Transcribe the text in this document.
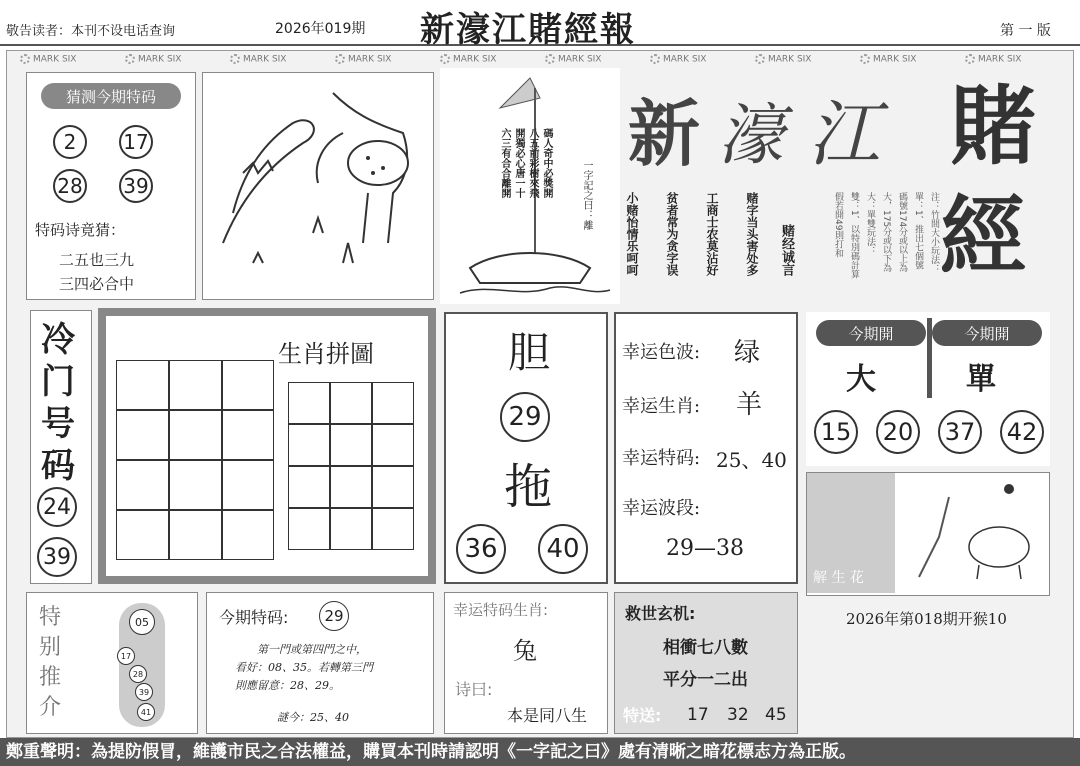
敬告读者：本刊不设电话查询	2026年019期 新濠江賭經報	第 一 版
MARK SIX	MARK SIX	MARK SIX	MARK SIX	MARK SIX	MARK SIX	MARK SIX	MARK SIX	MARK SIX	MARK SIX
猜测今期特码
2	17
28 39
特码诗竟猜：
二五也三九
三四必合中
六三有合合離開 開獨必心唐一十 八五前彩樹來飛 碼人奇中必獎開	一字記之曰：離	小赌怡情乐呵呵 贫者常为贪字误 工商士农莫沾好 赌字当头害处多 赌经诚言
新 濠 江 賭
經
注：竹間大小玩法：
單：1、推出七個號
碼號174分或以上為
大，175分或以下為
大：單雙玩法：
雙：1、以特別碼計算
假若開49則打和
冷门号码
24
39
生肖拼圖	胆
29
拖
36	40
幸运色波: 绿
幸运生肖: 羊
幸运特码: 25、40
幸运波段:
29—38
今期開	今期開
大	單
15 20 37 42
解 生 花
2026年第018期开猴10
特别推介
05
17
28
39
41
今期特码:	29
第一門或第四門之中，
看好：08、35。若轉第三門
則應留意：28、29。
謎今：25、40
幸运特码生肖:
兔
诗曰:
本是同八生
救世玄机:
相衝七八數
平分一二出
特送: 17 32 45
鄭重聲明：為提防假冒，維護市民之合法權益，購買本刊時請認明《一字記之曰》處有清晰之暗花標志方為正版。
